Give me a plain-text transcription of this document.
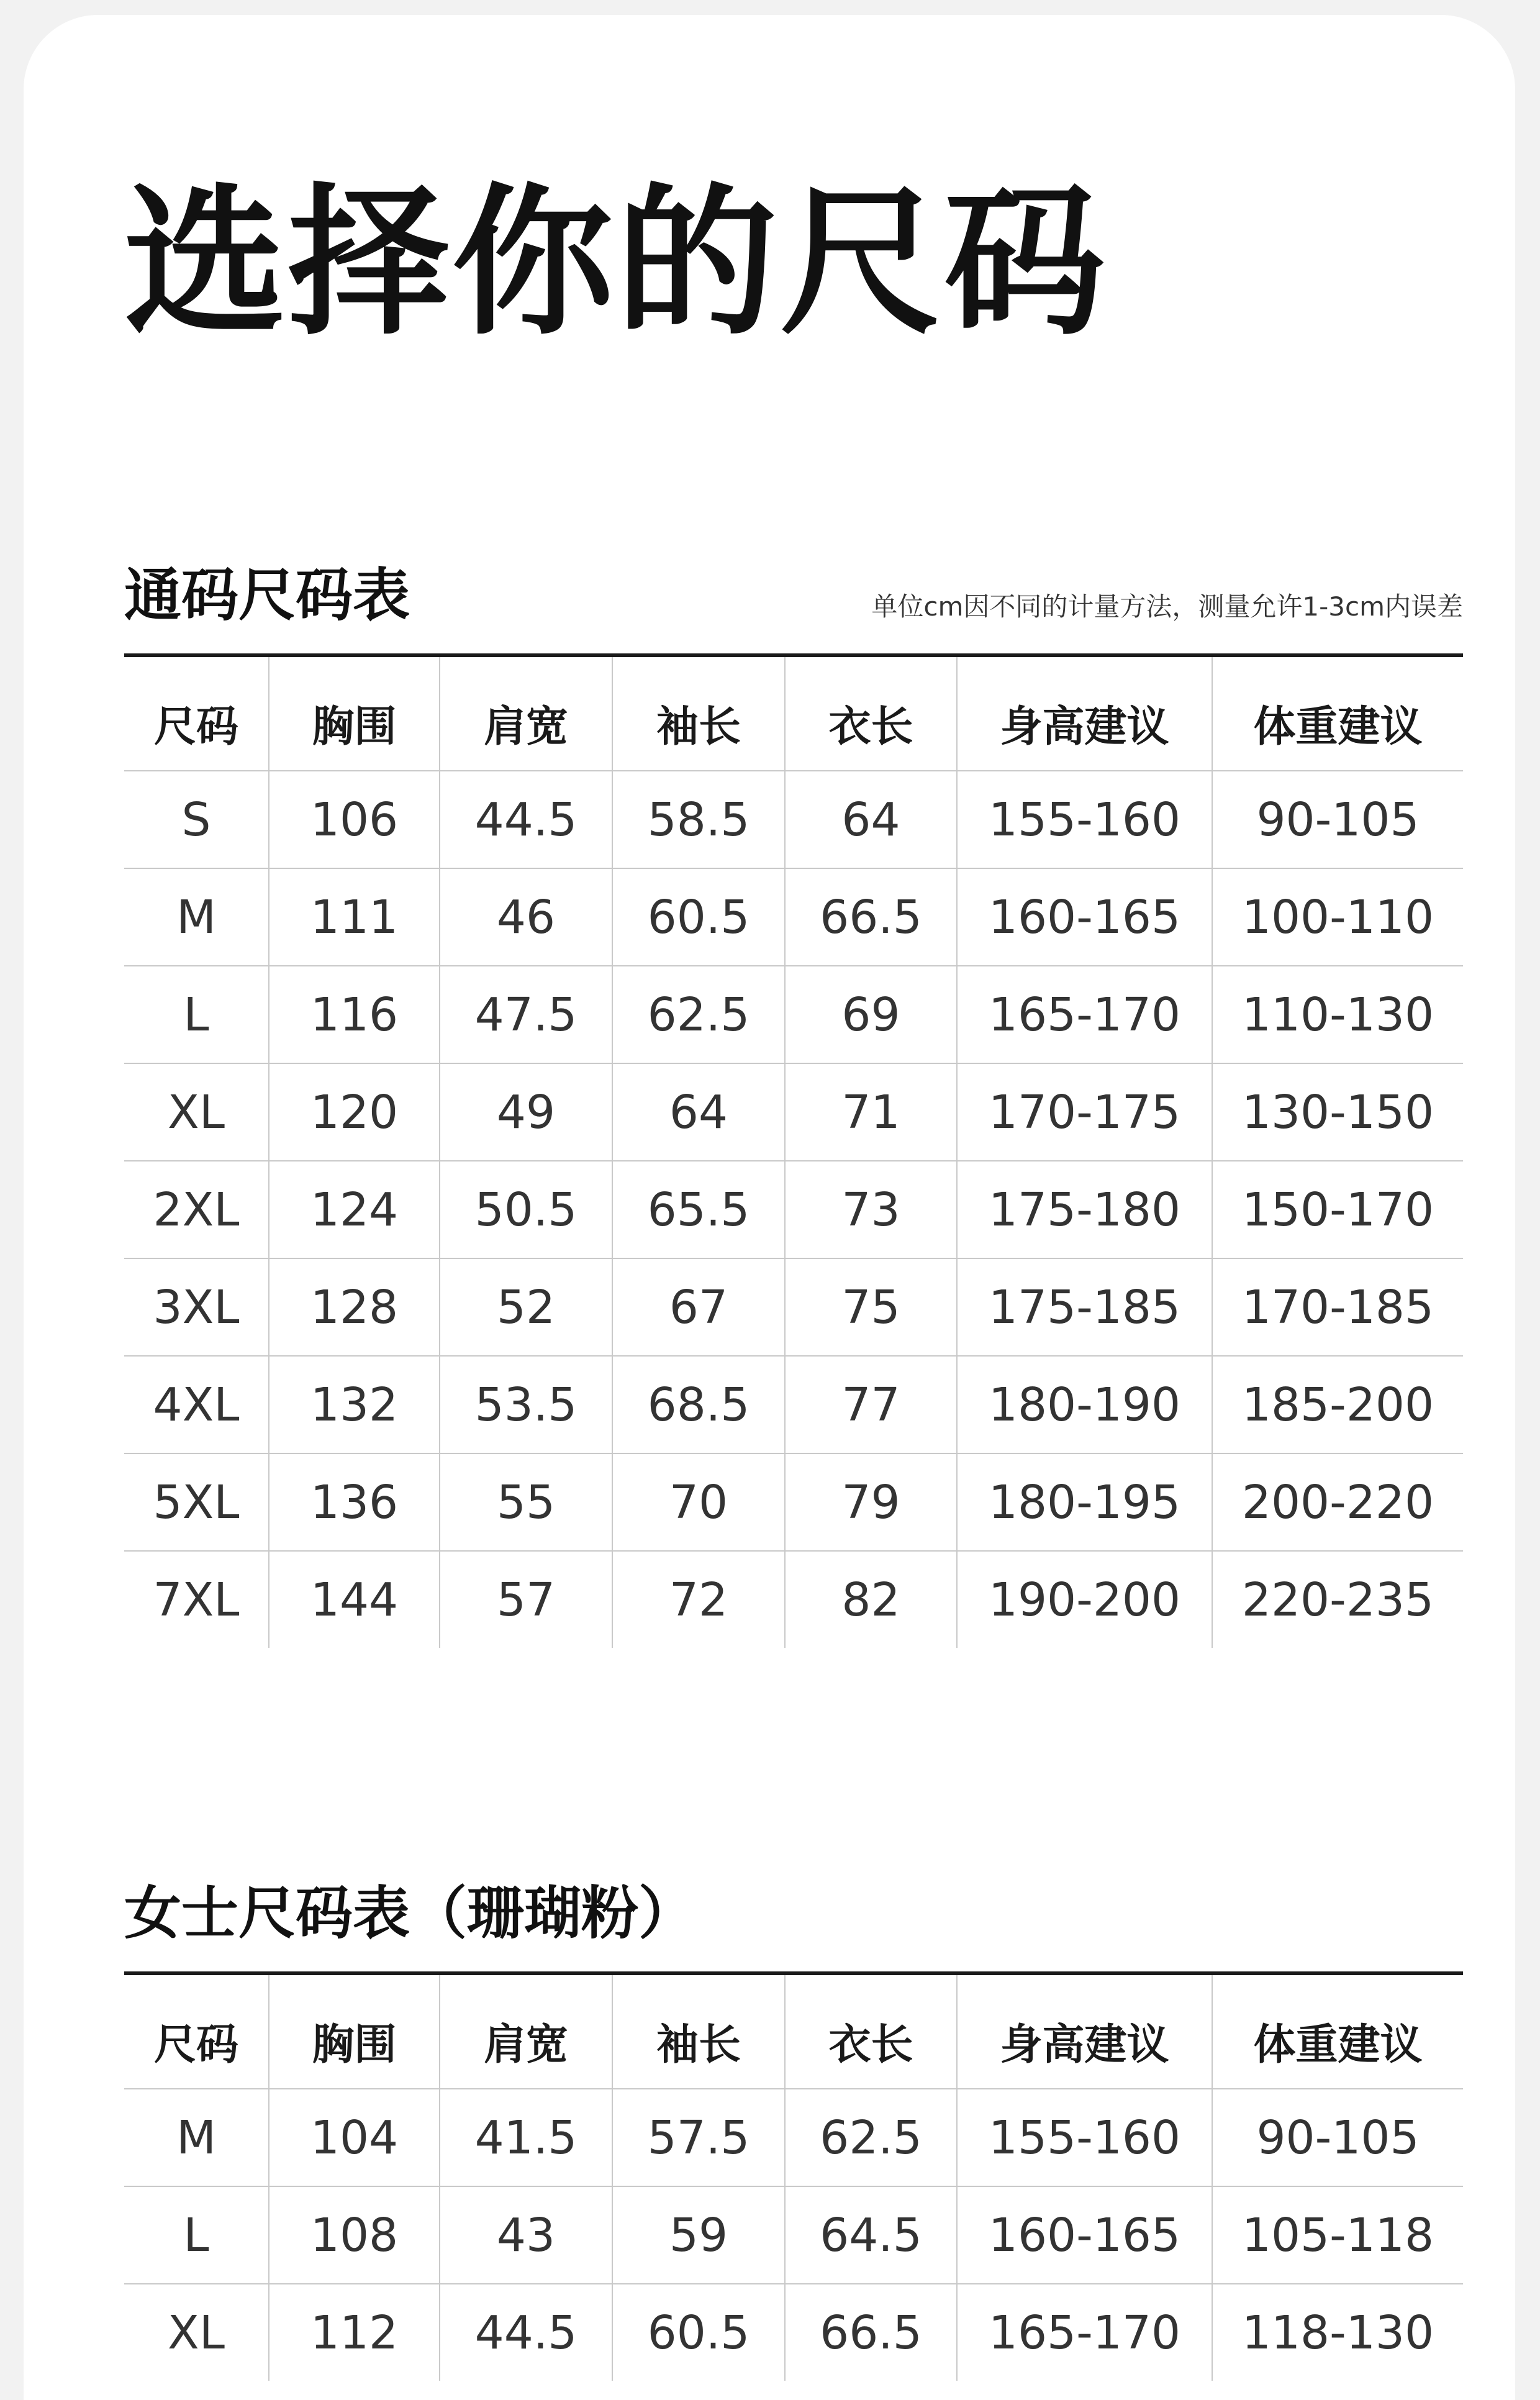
选择你的尺码
通码尺码表	单位cm因不同的计量方法，测量允许1-3cm内误差

尺码	胸围	肩宽	袖长	衣长	身高建议	体重建议
S	106	44.5	58.5	64	155-160	90-105
M	111	46	60.5	66.5	160-165	100-110
L	116	47.5	62.5	69	165-170	110-130
XL	120	49	64	71	170-175	130-150
2XL	124	50.5	65.5	73	175-180	150-170
3XL	128	52	67	75	175-185	170-185
4XL	132	53.5	68.5	77	180-190	185-200
5XL	136	55	70	79	180-195	200-220
7XL	144	57	72	82	190-200	220-235
女士尺码表（珊瑚粉）
尺码	胸围	肩宽	袖长	衣长	身高建议	体重建议
M	104	41.5	57.5	62.5	155-160	90-105
L	108	43	59	64.5	160-165	105-118
XL	112	44.5	60.5	66.5	165-170	118-130
